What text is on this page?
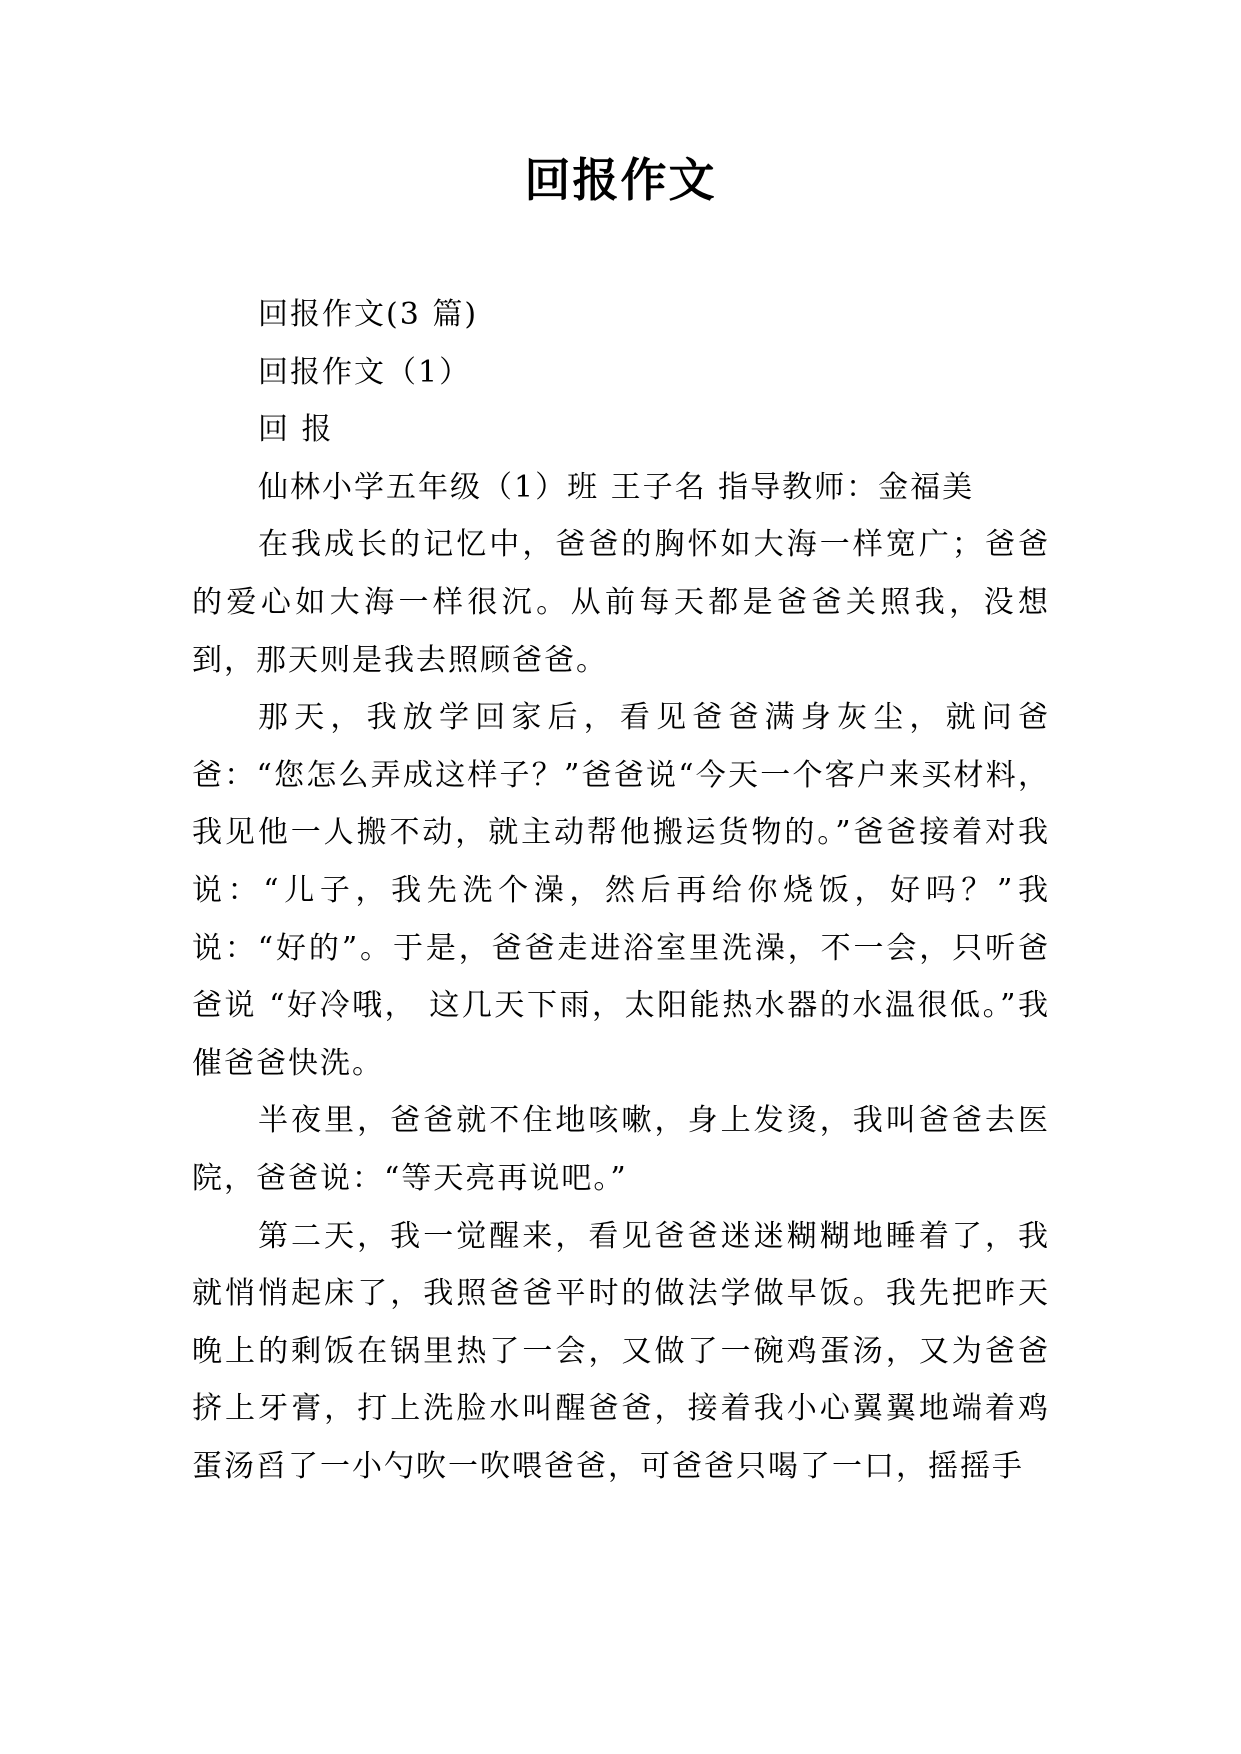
回报作文

回报作文(3 篇)

回报作文（1）

回 报

仙林小学五年级（1）班 王子名 指导教师：金福美

在我成长的记忆中，爸爸的胸怀如大海一样宽广；爸爸的爱心如大海一样很沉。从前每天都是爸爸关照我，没想到，那天则是我去照顾爸爸。

那天，我放学回家后，看见爸爸满身灰尘，就问爸爸：“您怎么弄成这样子？”爸爸说“今天一个客户来买材料，我见他一人搬不动，就主动帮他搬运货物的。”爸爸接着对我说：“儿子，我先洗个澡，然后再给你烧饭，好吗？”我说：“好的”。于是，爸爸走进浴室里洗澡，不一会，只听爸爸说 “好冷哦， 这几天下雨，太阳能热水器的水温很低。”我催爸爸快洗。

半夜里，爸爸就不住地咳嗽，身上发烫，我叫爸爸去医院，爸爸说：“等天亮再说吧。”

第二天，我一觉醒来，看见爸爸迷迷糊糊地睡着了，我就悄悄起床了，我照爸爸平时的做法学做早饭。我先把昨天晚上的剩饭在锅里热了一会，又做了一碗鸡蛋汤，又为爸爸挤上牙膏，打上洗脸水叫醒爸爸，接着我小心翼翼地端着鸡蛋汤舀了一小勺吹一吹喂爸爸，可爸爸只喝了一口，摇摇手
